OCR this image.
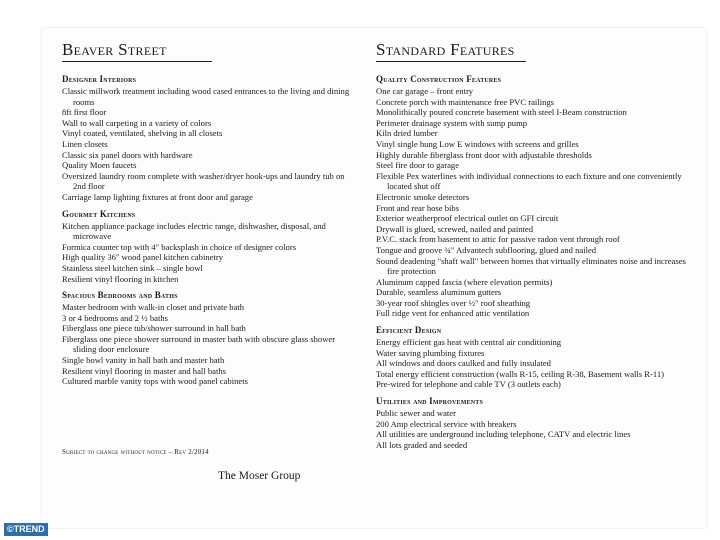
Beaver Street
Designer Interiors
Classic millwork treatment including wood cased entrances to the living and dining rooms
8ft first floor
Wall to wall carpeting in a variety of colors
Vinyl coated, ventilated, shelving in all closets
Linen closets
Classic six panel doors with hardware
Quality Moen faucets
Oversized laundry room complete with washer/dryer hook-ups and laundry tub on 2nd floor
Carriage lamp lighting fixtures at front door and garage
Gourmet Kitchens
Kitchen appliance package includes electric range, dishwasher, disposal, and microwave
Formica counter top with 4" backsplash in choice of designer colors
High quality 36" wood panel kitchen cabinetry
Stainless steel kitchen sink – single bowl
Resilient vinyl flooring in kitchen
Spacious Bedrooms and Baths
Master bedroom with walk-in closet and private bath
3 or 4 bedrooms and 2 ½ baths
Fiberglass one piece tub/shower surround in hall bath
Fiberglass one piece shower surround in master bath with obscure glass shower sliding door enclosure
Single bowl vanity in hall bath and master bath
Resilient vinyl flooring in master and hall baths
Cultured marble vanity tops with wood panel cabinets
Standard Features
Quality Construction Features
One car garage – front entry
Concrete porch with maintenance free PVC railings
Monolithically poured concrete basement with steel I-Beam construction
Perimeter drainage system with sump pump
Kiln dried lumber
Vinyl single hung Low E windows with screens and grilles
Highly durable fiberglass front door with adjustable thresholds
Steel fire door to garage
Flexible Pex waterlines with individual connections to each fixture and one conveniently located shut off
Electronic smoke detectors
Front and rear hose bibs
Exterior weatherproof electrical outlet on GFI circuit
Drywall is glued, screwed, nailed and painted
P.V.C. stack from basement to attic for passive radon vent through roof
Tongue and groove ¾" Advantech subflooring, glued and nailed
Sound deadening "shaft wall" between homes that virtually eliminates noise and increases fire protection
Aluminum capped fascia (where elevation permits)
Durable, seamless aluminum gutters
30-year roof shingles over ½" roof sheathing
Full ridge vent for enhanced attic ventilation
Efficient Design
Energy efficient gas heat with central air conditioning
Water saving plumbing fixtures
All windows and doors caulked and fully insulated
Total energy efficient construction (walls R-15, ceiling R-38, Basement walls R-11)
Pre-wired for telephone and cable TV (3 outlets each)
Utilities and Improvements
Public sewer and water
200 Amp electrical service with breakers
All utilities are underground including telephone, CATV and electric lines
All lots graded and seeded
Subject to change without notice – Rev 2/2014
The Moser Group
©TREND
